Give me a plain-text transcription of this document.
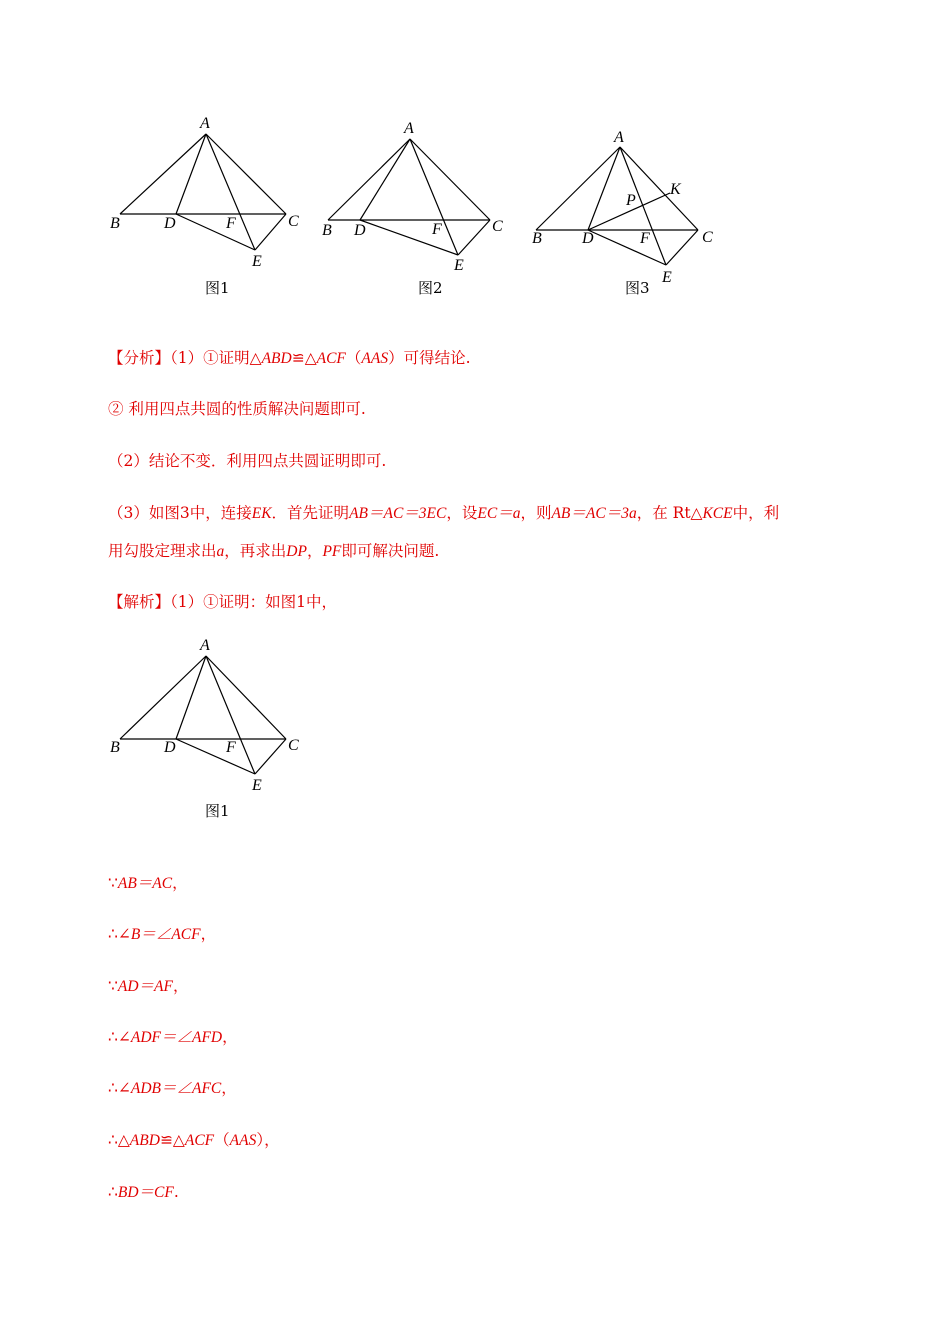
A
B	D	F	C
E
图1
A
B D	F	C
E
图2
A
B	D	F	C
E
P
K
图3
【分析】（1）①证明△ABD≌△ACF（AAS）可得结论.
② 利用四点共圆的性质解决问题即可.
（2）结论不变．利用四点共圆证明即可.
（3）如图3中，连接EK．首先证明AB＝AC＝3EC，设EC＝a，则AB＝AC＝3a，在 Rt△KCE中，利
用勾股定理求出a，再求出DP，PF即可解决问题.
【解析】（1）①证明：如图1中，
A
B	D	F	C
E
图1
∵AB＝AC，
∴∠B＝∠ACF，
∵AD＝AF，
∴∠ADF＝∠AFD，
∴∠ADB＝∠AFC，
∴△ABD≌△ACF（AAS），
∴BD＝CF.
